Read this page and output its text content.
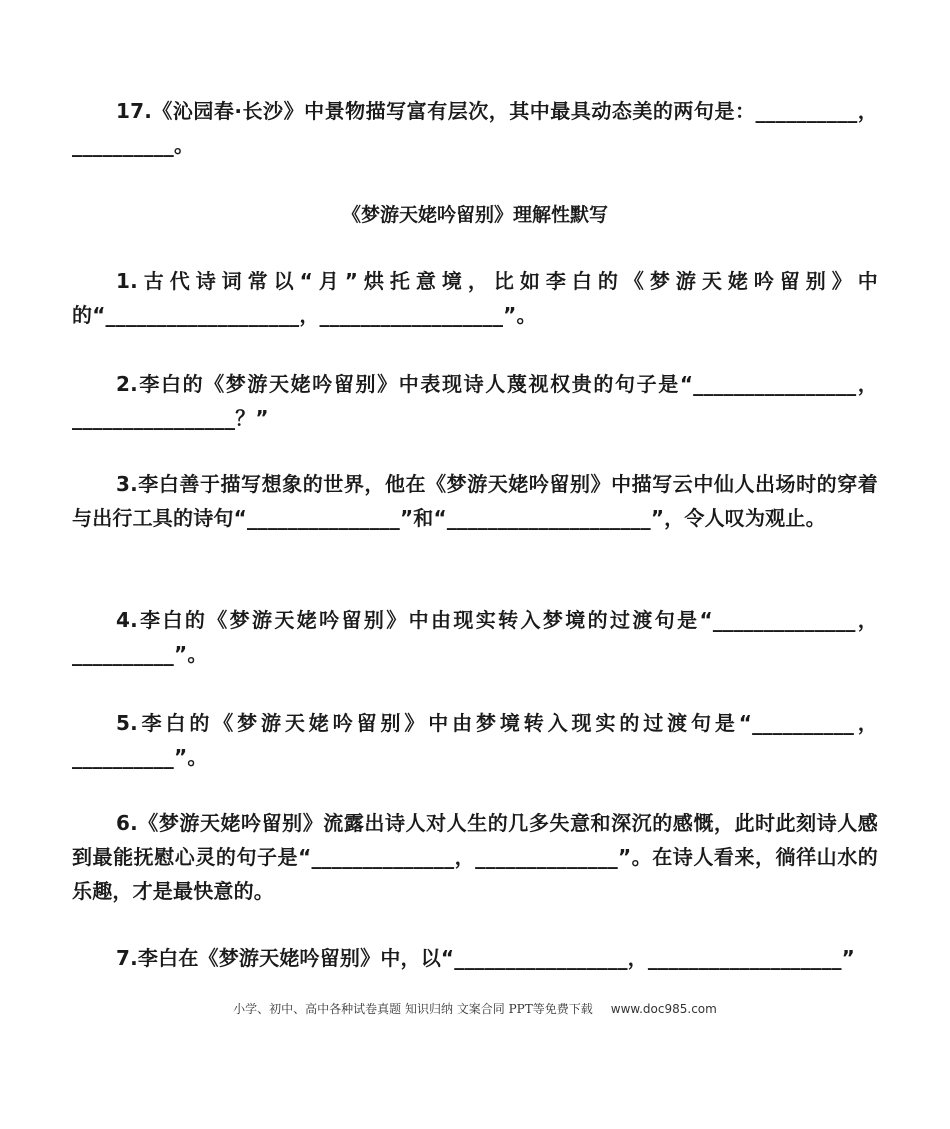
17.《沁园春·长沙》中景物描写富有层次，其中最具动态美的两句是：__________，__________。

《梦游天姥吟留别》理解性默写

1.古代诗词常以“月”烘托意境，比如李白的《梦游天姥吟留别》中的“___________________，__________________”。

2.李白的《梦游天姥吟留别》中表现诗人蔑视权贵的句子是“________________，________________？”

3.李白善于描写想象的世界，他在《梦游天姥吟留别》中描写云中仙人出场时的穿着与出行工具的诗句“_______________”和“____________________”，令人叹为观止。

4.李白的《梦游天姥吟留别》中由现实转入梦境的过渡句是“______________，__________”。

5.李白的《梦游天姥吟留别》中由梦境转入现实的过渡句是“__________，__________”。

6.《梦游天姥吟留别》流露出诗人对人生的几多失意和深沉的感慨，此时此刻诗人感到最能抚慰心灵的句子是“______________，______________”。在诗人看来，徜徉山水的乐趣，才是最快意的。

7.李白在《梦游天姥吟留别》中，以“_________________，___________________”

小学、初中、高中各种试卷真题 知识归纳 文案合同 PPT等免费下载 www.doc985.com
